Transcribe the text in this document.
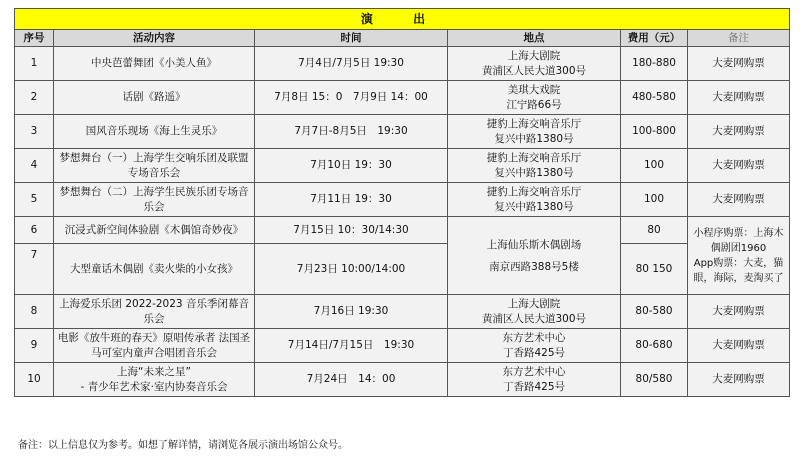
演 出					
序号	活动内容	时间	地点	费用（元）	备注
1	中央芭蕾舞团《小美人鱼》	7月4日/7月5日 19:30	上海大剧院
黄浦区人民大道300号	180-880	大麦网购票
2	话剧《路遥》	7月8日 15：0　7月9日 14：00	美琪大戏院
江宁路66号	480-580	大麦网购票
3	国风音乐现场《海上生灵乐》	7月7日-8月5日　19:30	捷豹上海交响音乐厅
复兴中路1380号	100-800	大麦网购票
4	梦想舞台（一）上海学生交响乐团及联盟专场音乐会	7月10日 19：30	捷豹上海交响音乐厅
复兴中路1380号	100	大麦网购票
5	梦想舞台（二）上海学生民族乐团专场音乐会	7月11日 19：30	捷豹上海交响音乐厅
复兴中路1380号	100	大麦网购票
6	沉浸式新空间体验剧《木偶馆奇妙夜》	7月15日 10：30/14:30	上海仙乐斯木偶剧场
南京西路388号5楼	80	小程序购票：上海木偶剧团1960
App购票：大麦，猫眼，海际，麦淘买了
7	大型童话木偶剧《卖火柴的小女孩》	7月23日 10:00/14:00		80 150	
8	上海爱乐乐团 2022-2023 音乐季闭幕音乐会	7月16日 19:30	上海大剧院
黄浦区人民大道300号	80-580	大麦网购票
9	电影《放牛班的春天》原唱传承者 法国圣马可室内童声合唱团音乐会	7月14日/7月15日　19:30	东方艺术中心
丁香路425号	80-680	大麦网购票
10	上海“未来之星”
- 青少年艺术家·室内协奏音乐会	7月24日　14：00	东方艺术中心
丁香路425号	80/580	大麦网购票
备注：以上信息仅为参考。如想了解详情，请浏览各展示演出场馆公众号。
